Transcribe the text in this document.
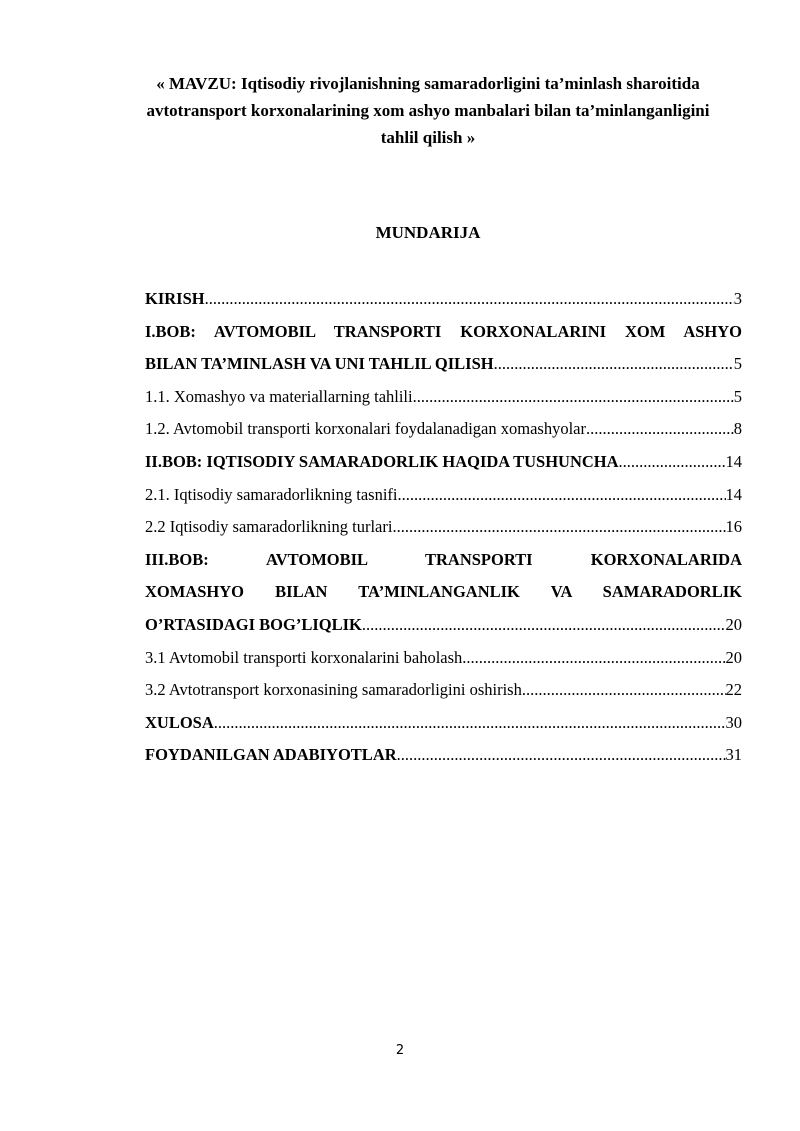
« MAVZU: Iqtisodiy rivojlanishning samaradorligini ta’minlash sharoitida
avtotransport korxonalarining xom ashyo manbalari bilan ta’minlanganligini
tahlil qilish »
MUNDARIJA
KIRISH .....	3
I.BOB: AVTOMOBIL TRANSPORTI KORXONALARINI XOM ASHYO
BILAN TA’MINLASH VA UNI TAHLIL QILISH .....	5
1.1. Xomashyo va materiallarning tahlili .....	5
1.2. Avtomobil transporti korxonalari foydalanadigan xomashyolar .....	8
II.BOB: IQTISODIY SAMARADORLIK HAQIDA TUSHUNCHA .....	14
2.1. Iqtisodiy samaradorlikning tasnifi .....	14
2.2 Iqtisodiy samaradorlikning turlari .....	16
III.BOB: AVTOMOBIL TRANSPORTI KORXONALARIDA
XOMASHYO BILAN TA’MINLANGANLIK VA SAMARADORLIK
O’RTASIDAGI BOG’LIQLIK .....	20
3.1 Avtomobil transporti korxonalarini baholash .....	20
3.2 Avtotransport korxonasining samaradorligini oshirish .....	22
XULOSA .....	30
FOYDANILGAN ADABIYOTLAR .....	31
2
